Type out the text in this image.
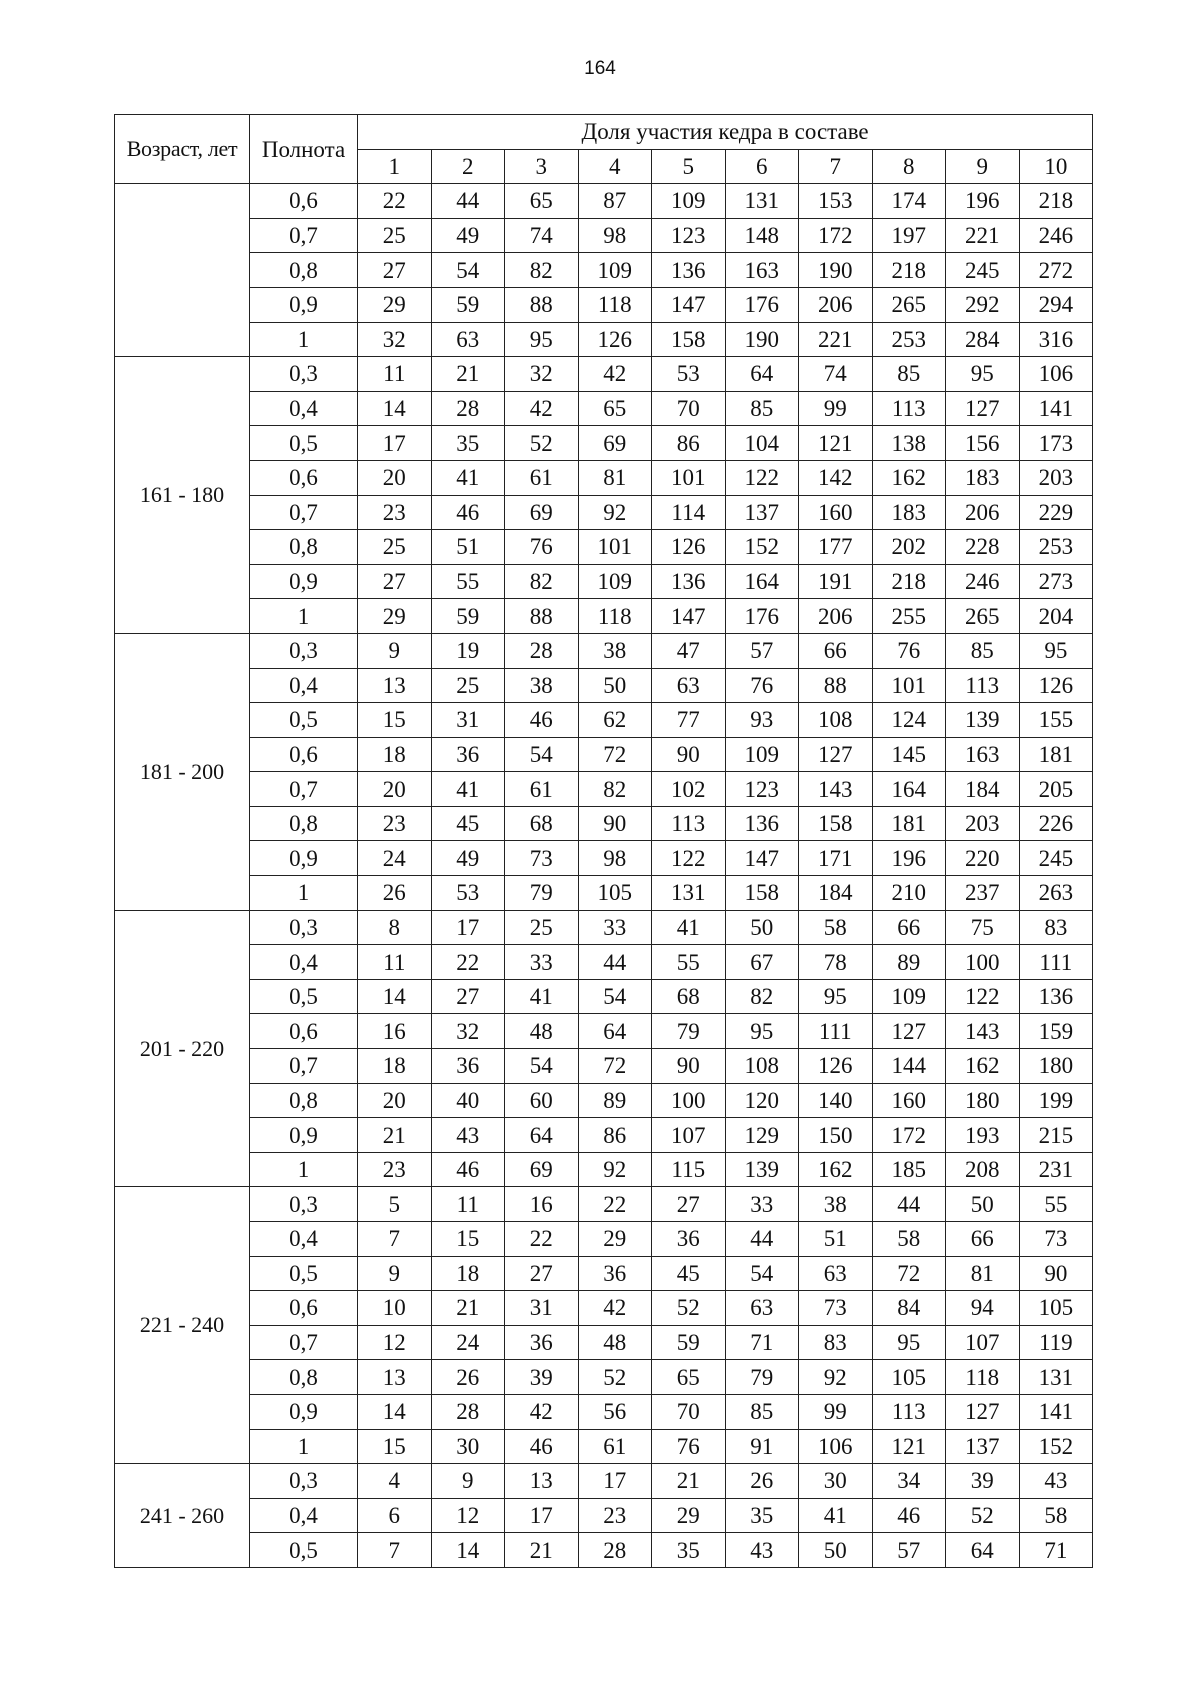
164
Возраст, лет	Полнота	Доля участия кедра в составе									
		1	2	3	4	5	6	7	8	9	10
	0,6	22	44	65	87	109	131	153	174	196	218
	0,7	25	49	74	98	123	148	172	197	221	246
	0,8	27	54	82	109	136	163	190	218	245	272
	0,9	29	59	88	118	147	176	206	265	292	294
	1	32	63	95	126	158	190	221	253	284	316
161 - 180	0,3	11	21	32	42	53	64	74	85	95	106
	0,4	14	28	42	65	70	85	99	113	127	141
	0,5	17	35	52	69	86	104	121	138	156	173
	0,6	20	41	61	81	101	122	142	162	183	203
	0,7	23	46	69	92	114	137	160	183	206	229
	0,8	25	51	76	101	126	152	177	202	228	253
	0,9	27	55	82	109	136	164	191	218	246	273
	1	29	59	88	118	147	176	206	255	265	204
181 - 200	0,3	9	19	28	38	47	57	66	76	85	95
	0,4	13	25	38	50	63	76	88	101	113	126
	0,5	15	31	46	62	77	93	108	124	139	155
	0,6	18	36	54	72	90	109	127	145	163	181
	0,7	20	41	61	82	102	123	143	164	184	205
	0,8	23	45	68	90	113	136	158	181	203	226
	0,9	24	49	73	98	122	147	171	196	220	245
	1	26	53	79	105	131	158	184	210	237	263
201 - 220	0,3	8	17	25	33	41	50	58	66	75	83
	0,4	11	22	33	44	55	67	78	89	100	111
	0,5	14	27	41	54	68	82	95	109	122	136
	0,6	16	32	48	64	79	95	111	127	143	159
	0,7	18	36	54	72	90	108	126	144	162	180
	0,8	20	40	60	89	100	120	140	160	180	199
	0,9	21	43	64	86	107	129	150	172	193	215
	1	23	46	69	92	115	139	162	185	208	231
221 - 240	0,3	5	11	16	22	27	33	38	44	50	55
	0,4	7	15	22	29	36	44	51	58	66	73
	0,5	9	18	27	36	45	54	63	72	81	90
	0,6	10	21	31	42	52	63	73	84	94	105
	0,7	12	24	36	48	59	71	83	95	107	119
	0,8	13	26	39	52	65	79	92	105	118	131
	0,9	14	28	42	56	70	85	99	113	127	141
	1	15	30	46	61	76	91	106	121	137	152
241 - 260	0,3	4	9	13	17	21	26	30	34	39	43
	0,4	6	12	17	23	29	35	41	46	52	58
	0,5	7	14	21	28	35	43	50	57	64	71
